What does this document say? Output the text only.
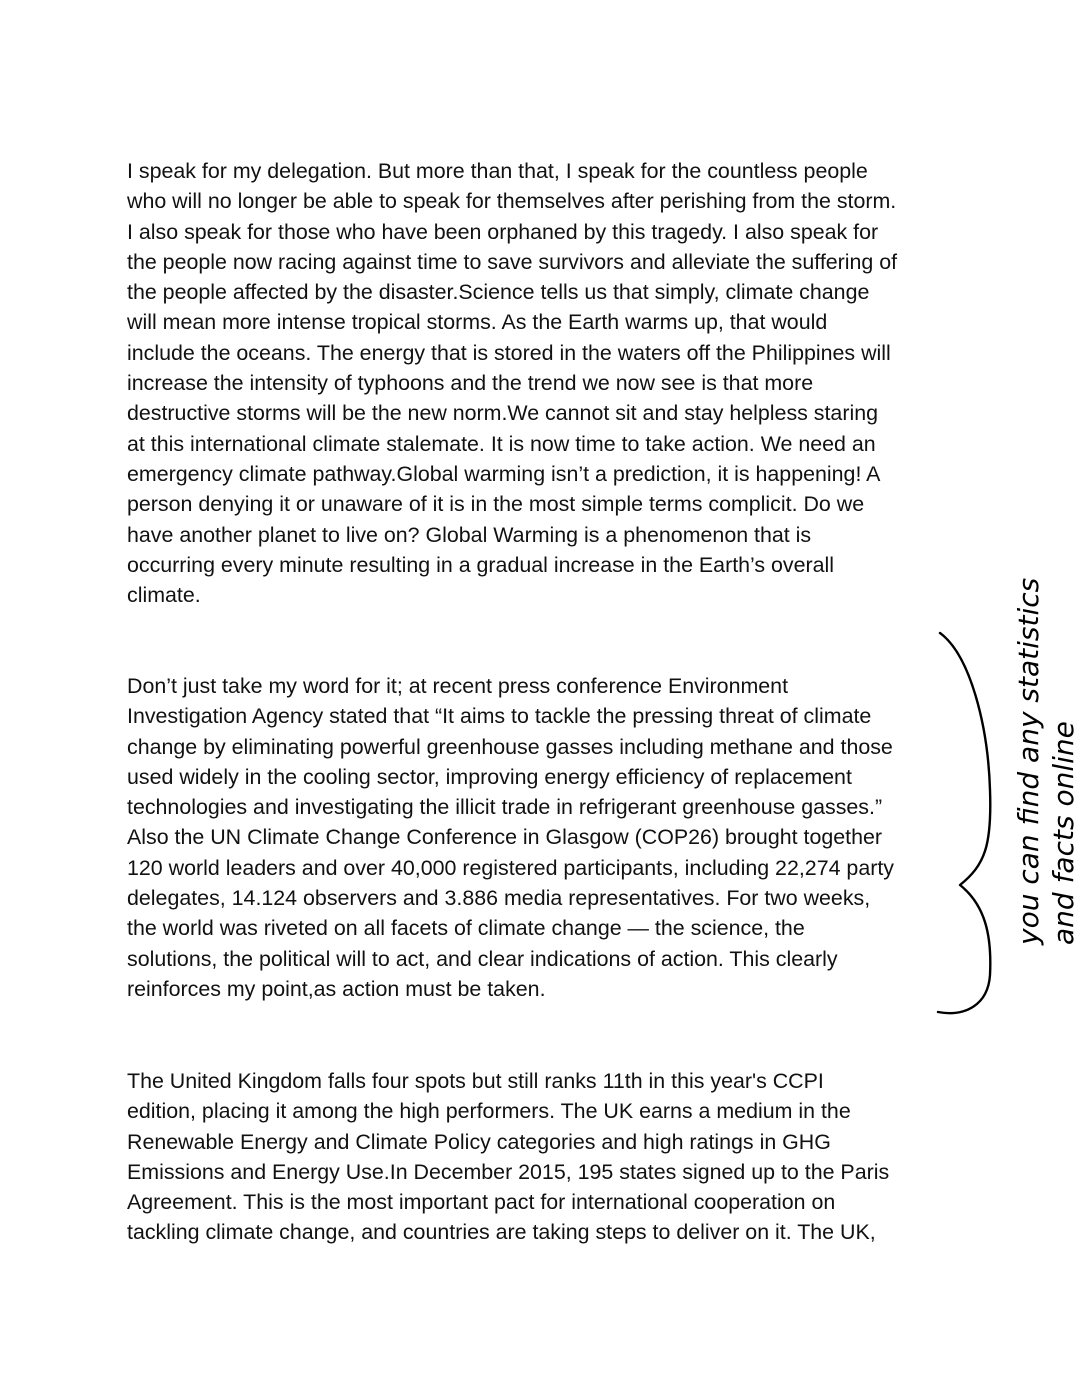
I speak for my delegation. But more than that, I speak for the countless people
who will no longer be able to speak for themselves after perishing from the storm.
I also speak for those who have been orphaned by this tragedy. I also speak for
the people now racing against time to save survivors and alleviate the suffering of
the people affected by the disaster.Science tells us that simply, climate change
will mean more intense tropical storms. As the Earth warms up, that would
include the oceans. The energy that is stored in the waters off the Philippines will
increase the intensity of typhoons and the trend we now see is that more
destructive storms will be the new norm.We cannot sit and stay helpless staring
at this international climate stalemate. It is now time to take action. We need an
emergency climate pathway.Global warming isn’t a prediction, it is happening! A
person denying it or unaware of it is in the most simple terms complicit. Do we
have another planet to live on? Global Warming is a phenomenon that is
occurring every minute resulting in a gradual increase in the Earth’s overall
climate.
Don’t just take my word for it; at recent press conference Environment
Investigation Agency stated that “It aims to tackle the pressing threat of climate
change by eliminating powerful greenhouse gasses including methane and those
used widely in the cooling sector, improving energy efficiency of replacement
technologies and investigating the illicit trade in refrigerant greenhouse gasses.”
Also the UN Climate Change Conference in Glasgow (COP26) brought together
120 world leaders and over 40,000 registered participants, including 22,274 party
delegates, 14.124 observers and 3.886 media representatives. For two weeks,
the world was riveted on all facets of climate change — the science, the
solutions, the political will to act, and clear indications of action. This clearly
reinforces my point,as action must be taken.
The United Kingdom falls four spots but still ranks 11th in this year's CCPI
edition, placing it among the high performers. The UK earns a medium in the
Renewable Energy and Climate Policy categories and high ratings in GHG
Emissions and Energy Use.In December 2015, 195 states signed up to the Paris
Agreement. This is the most important pact for international cooperation on
tackling climate change, and countries are taking steps to deliver on it. The UK,
you can find any statistics and facts online
